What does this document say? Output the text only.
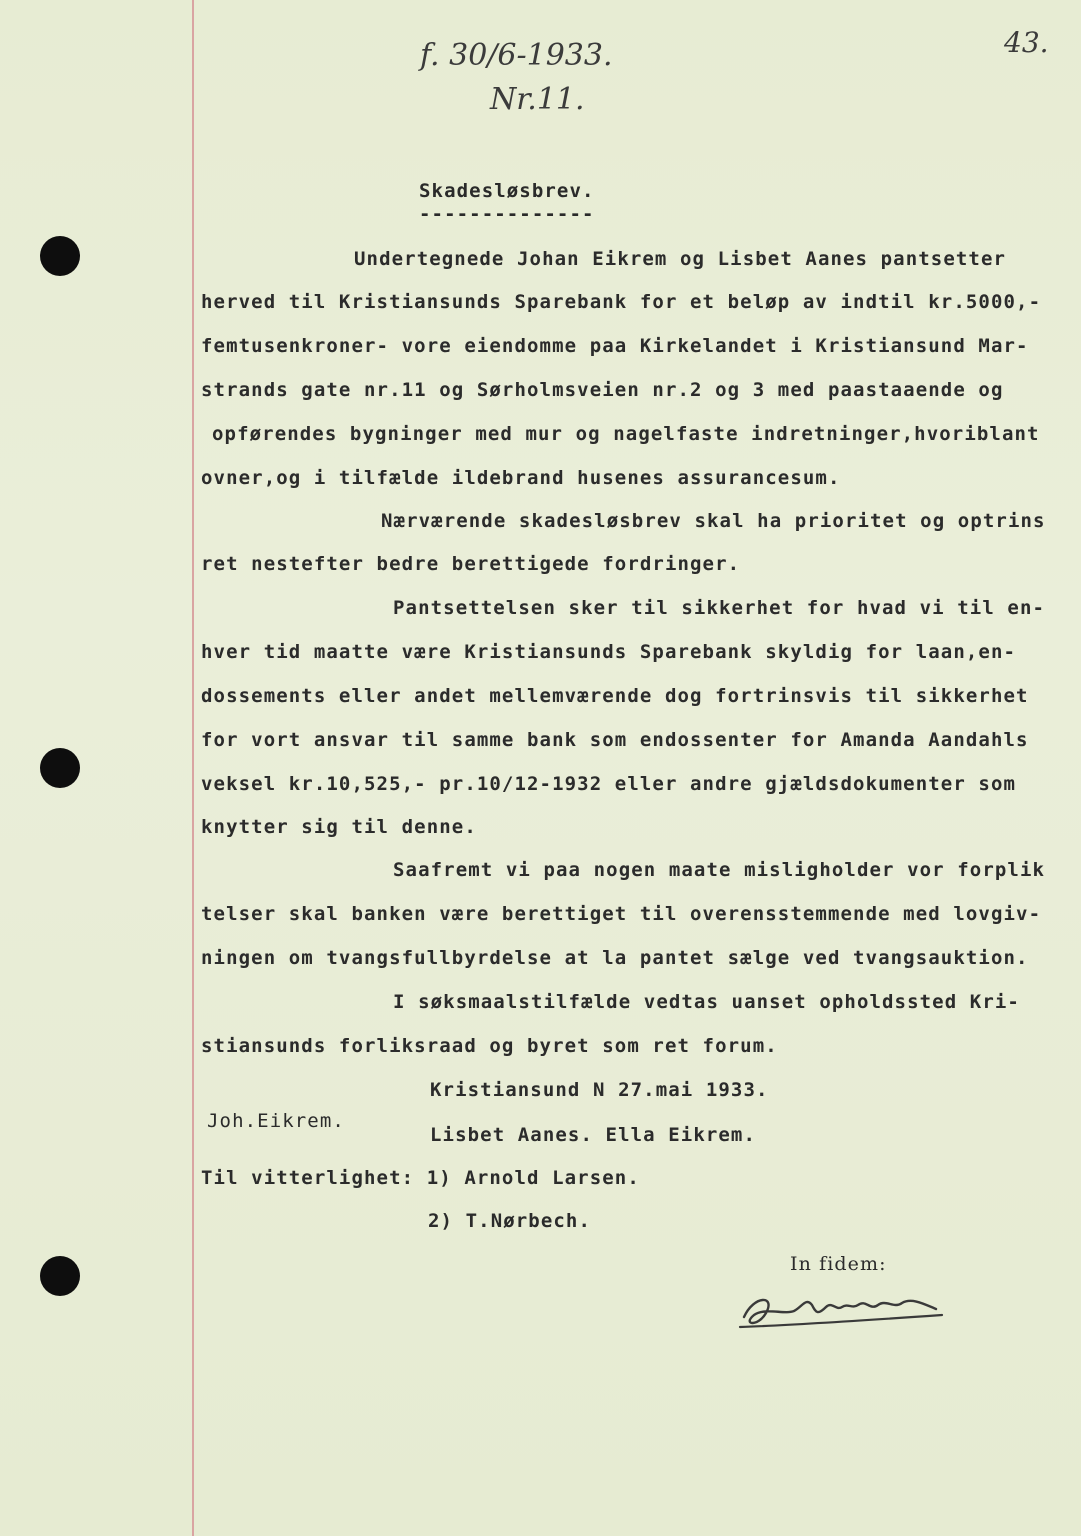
f. 30/6-1933.
Nr.11.
43.
Skadesløsbrev.
--------------
Undertegnede Johan Eikrem og Lisbet Aanes pantsetter
herved til Kristiansunds Sparebank for et beløp av indtil kr.5000,-
femtusenkroner- vore eiendomme paa Kirkelandet i Kristiansund Mar-
strands gate nr.11 og Sørholmsveien nr.2 og 3 med paastaaende og
opførendes bygninger med mur og nagelfaste indretninger,hvoriblant
ovner,og i tilfælde ildebrand husenes assurancesum.
Nærværende skadesløsbrev skal ha prioritet og optrins
ret nestefter bedre berettigede fordringer.
Pantsettelsen sker til sikkerhet for hvad vi til en-
hver tid maatte være Kristiansunds Sparebank skyldig for laan,en-
dossements eller andet mellemværende dog fortrinsvis til sikkerhet
for vort ansvar til samme bank som endossenter for Amanda Aandahls
veksel kr.10,525,- pr.10/12-1932 eller andre gjældsdokumenter som
knytter sig til denne.
Saafremt vi paa nogen maate misligholder vor forplik
telser skal banken være berettiget til overensstemmende med lovgiv-
ningen om tvangsfullbyrdelse at la pantet sælge ved tvangsauktion.
I søksmaalstilfælde vedtas uanset opholdssted Kri-
stiansunds forliksraad og byret som ret forum.
Kristiansund N 27.mai 1933.
Joh.Eikrem.
Lisbet Aanes. Ella Eikrem.
Til vitterlighet: 1) Arnold Larsen.
2) T.Nørbech.
In fidem:
